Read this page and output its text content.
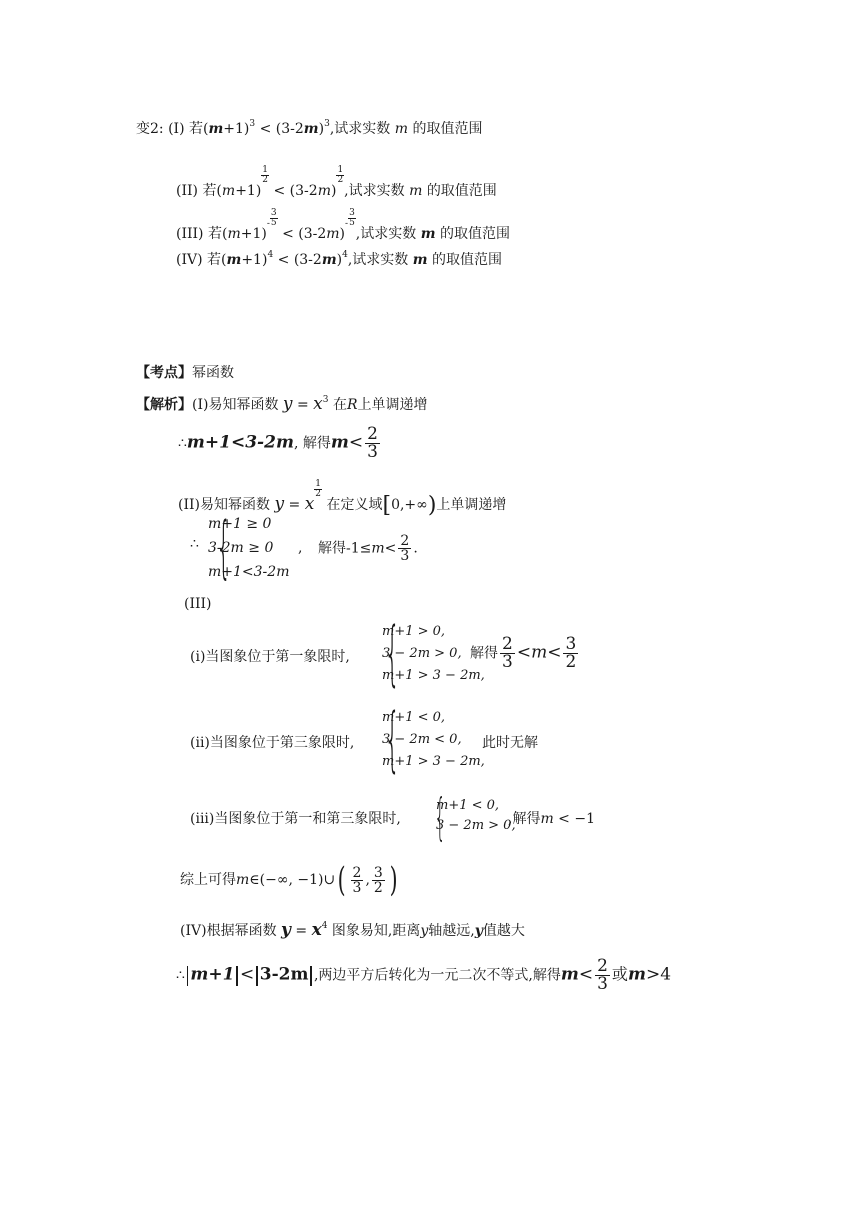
变2: (I) 若$(m+1)^3 < (3-2m)^3$,试求实数 m 的取值范围
(II) 若(m+1)
$\frac{1}{2}$
< (3-2m)
$\frac{1}{2}$
,试求实数 m 的取值范围
(III) 若$(m+1)^- \frac{3}{5}$
< $(3-2m)^- \frac{3}{5}$
,试求实数 m 的取值范围
(IV) 若$(m+1)^4 < (3-2m)^4$,试求实数 m 的取值范围
【考点】幂函数
【解析】(I)易知幂函数 $y = x^3$ 在R上单调递增
∴m+1<3-2m, 解得$m< \frac{2}{3}$
(II)易知幂函数 y = x
$\frac{1}{2}$
在定义域[0,+∞)上单调递增
∴ {
m+1 ≥ 0
3-2m ≥ 0
m+1<3-2m
, 解得$-1\le m< \frac{2}{3}$ .
(III)
(i)当图象位于第一象限时, {
m+1 > 0,
3 − 2m > 0,
m+1 > 3 − 2m,
解得 $\frac{2}{3} <m< \frac{3}{2}$
(ii)当图象位于第三象限时, {
m+1 < 0,
3 − 2m < 0,
m+1 > 3 − 2m,
此时无解
(iii)当图象位于第一和第三象限时, {
m+1 < 0,
3 − 2m > 0,
,解得m < −1
综上可得m∈(−∞, −1)∪( $\frac{2}{3}$ , $\frac{3}{2}$ )
(IV)根据幂函数 $y = x^4$ 图象易知,距离y轴越远,y值越大
∴ m+1 < 3-2m ,两边平方后转化为一元二次不等式,解得$m< \frac{2}{3}$ 或m>4
